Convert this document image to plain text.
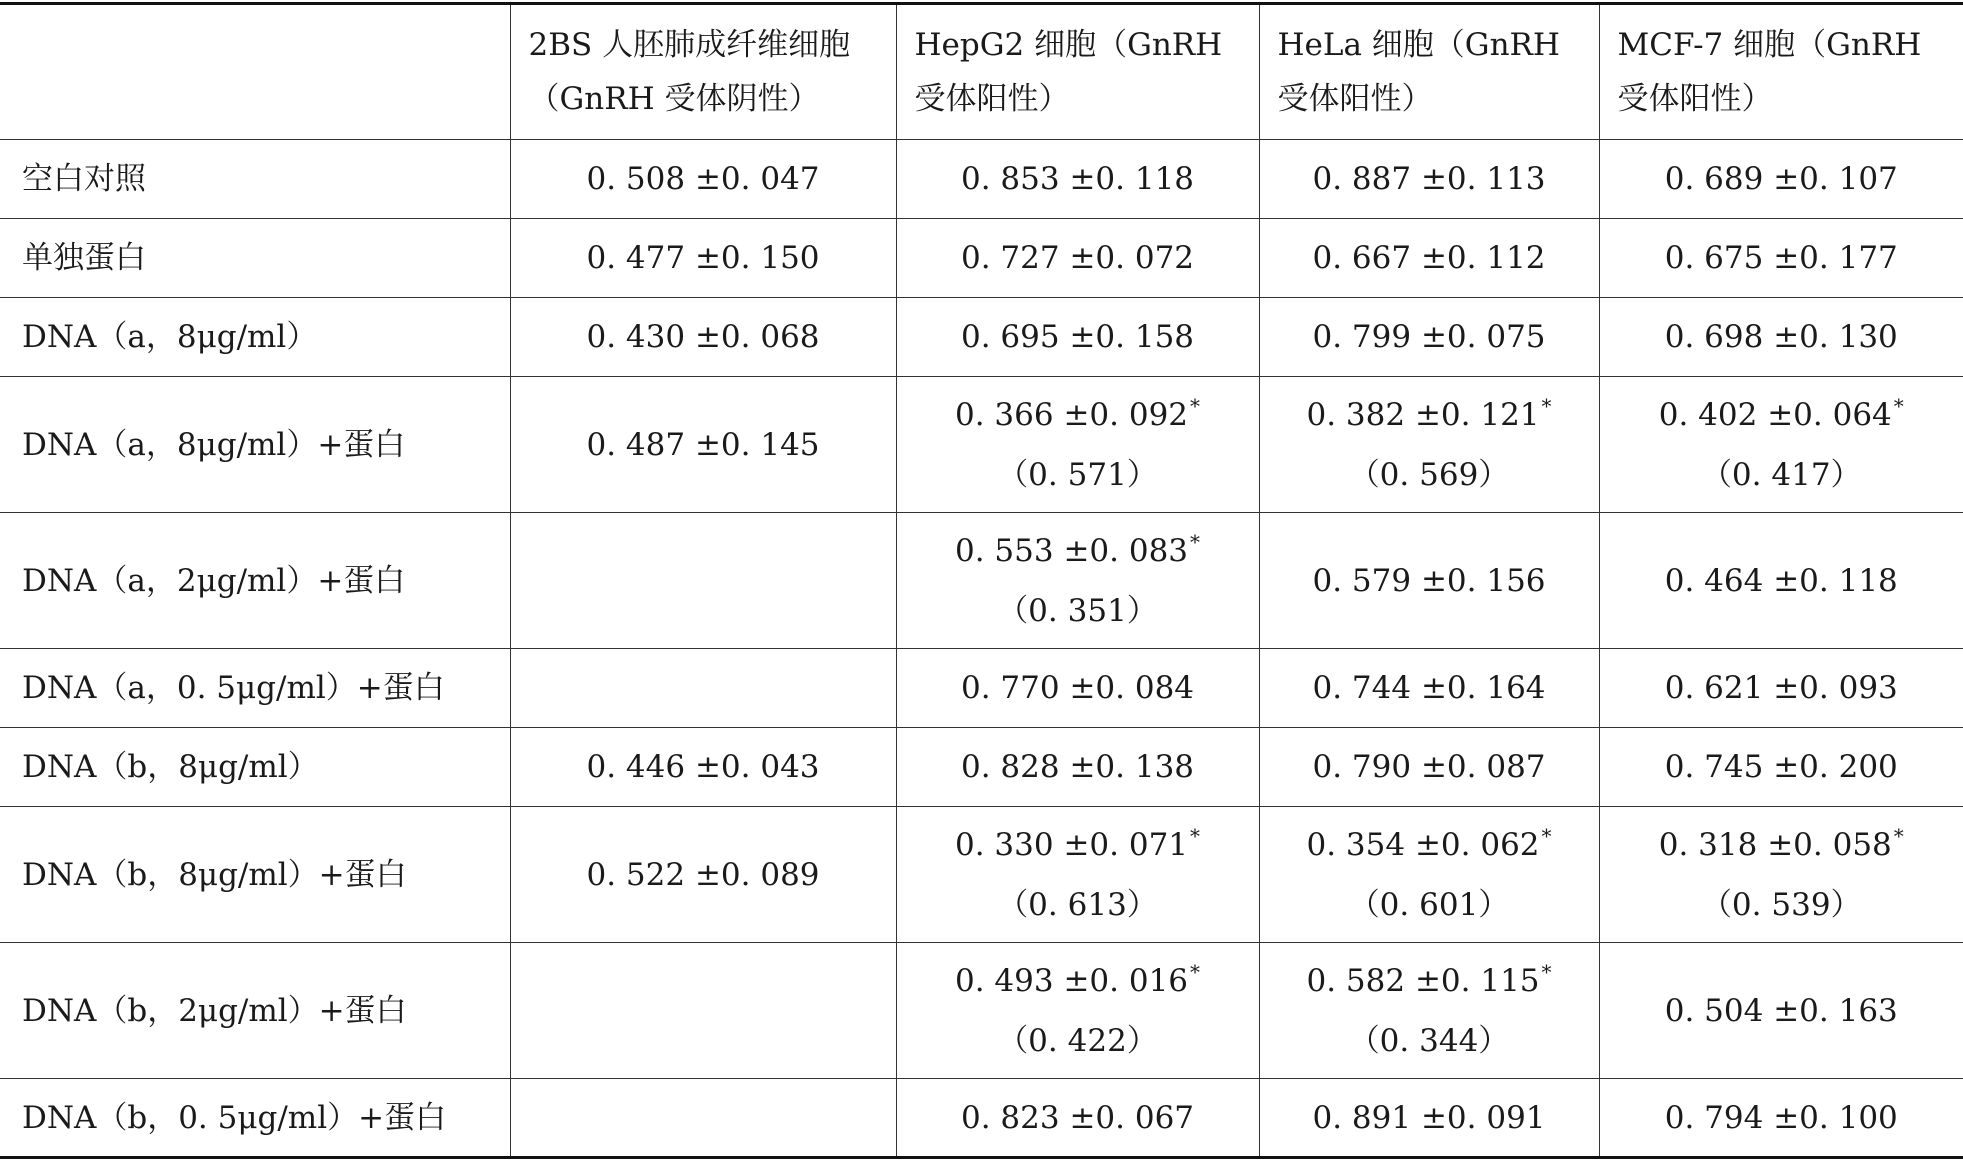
	2BS 人胚肺成纤维细胞（GnRH 受体阴性）	HepG2 细胞（GnRH 受体阳性）	HeLa 细胞（GnRH 受体阳性）	MCF-7 细胞（GnRH 受体阳性）
空白对照	0. 508 ±0. 047	0. 853 ±0. 118	0. 887 ±0. 113	0. 689 ±0. 107

单独蛋白	0. 477 ±0. 150	0. 727 ±0. 072	0. 667 ±0. 112	0. 675 ±0. 177

DNA（a，8μg/ml）	0. 430 ±0. 068	0. 695 ±0. 158	0. 799 ±0. 075	0. 698 ±0. 130

DNA（a，8μg/ml）+蛋白	0. 487 ±0. 145	0. 366 ±0. 092 *
（0. 571）	0. 382 ±0. 121 *
（0. 569）	0. 402 ±0. 064 *
（0. 417）

DNA（a，2μg/ml）+蛋白		0. 553 ±0. 083 *
（0. 351）	0. 579 ±0. 156	0. 464 ±0. 118

DNA（a，0. 5μg/ml）+蛋白		0. 770 ±0. 084	0. 744 ±0. 164	0. 621 ±0. 093

DNA（b，8μg/ml）	0. 446 ±0. 043	0. 828 ±0. 138	0. 790 ±0. 087	0. 745 ±0. 200

DNA（b，8μg/ml）+蛋白	0. 522 ±0. 089	0. 330 ±0. 071 *
（0. 613）	0. 354 ±0. 062 *
（0. 601）	0. 318 ±0. 058 *
（0. 539）

DNA（b，2μg/ml）+蛋白		0. 493 ±0. 016 *
（0. 422）	0. 582 ±0. 115 *
（0. 344）	0. 504 ±0. 163

DNA（b，0. 5μg/ml）+蛋白		0. 823 ±0. 067	0. 891 ±0. 091	0. 794 ±0. 100
